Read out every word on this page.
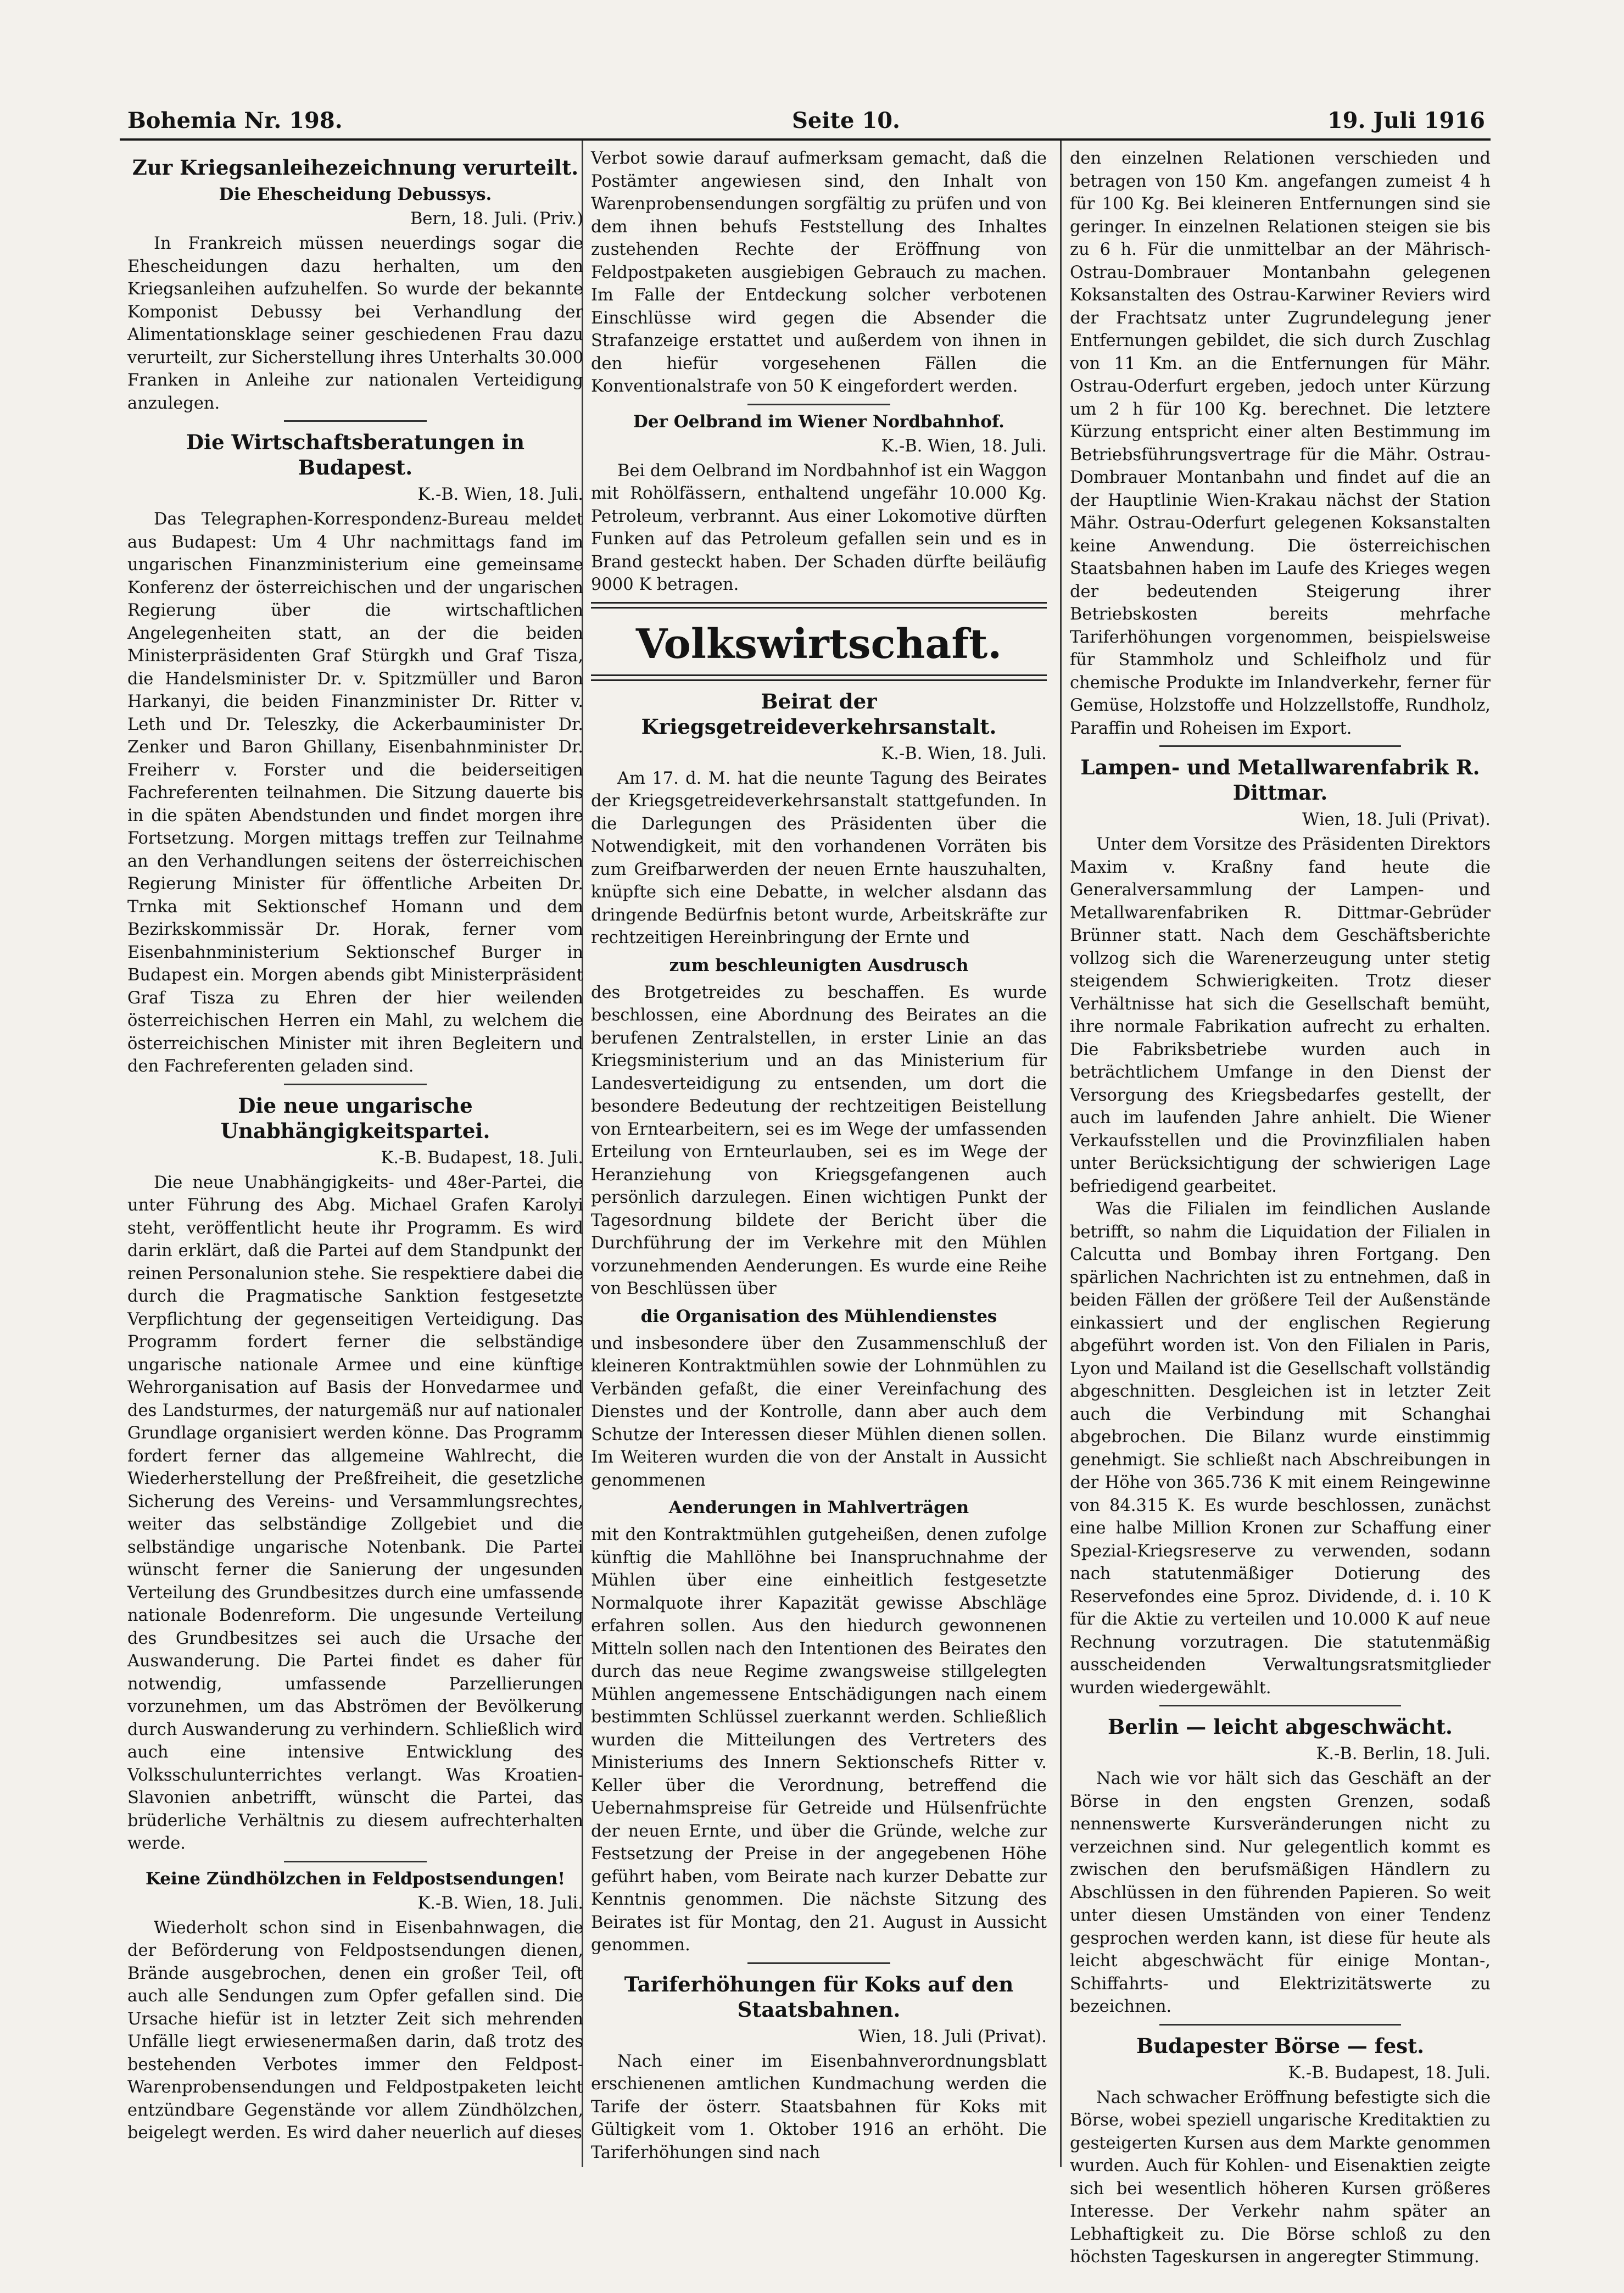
Bohemia Nr. 198.	Seite 10.	19. Juli 1916
Zur Kriegsanleihezeichnung verurteilt.
Die Ehescheidung Debussys.
Bern, 18. Juli. (Priv.)

In Frankreich müssen neuerdings sogar die Ehescheidungen dazu herhalten, um den Kriegsanleihen aufzuhelfen. So wurde der bekannte Komponist Debussy bei Verhandlung der Alimentationsklage seiner geschiedenen Frau dazu verurteilt, zur Sicherstellung ihres Unterhalts 30.000 Franken in Anleihe zur nationalen Verteidigung anzulegen.

Die Wirtschaftsberatungen in Budapest.
K.-B. Wien, 18. Juli.

Das Telegraphen-Korrespondenz-Bureau meldet aus Budapest: Um 4 Uhr nachmittags fand im ungarischen Finanzministerium eine gemeinsame Konferenz der österreichischen und der ungarischen Regierung über die wirtschaftlichen Angelegenheiten statt, an der die beiden Ministerpräsidenten Graf Stürgkh und Graf Tisza, die Handelsminister Dr. v. Spitzmüller und Baron Harkanyi, die beiden Finanzminister Dr. Ritter v. Leth und Dr. Teleszky, die Ackerbauminister Dr. Zenker und Baron Ghillany, Eisenbahnminister Dr. Freiherr v. Forster und die beiderseitigen Fachreferenten teilnahmen. Die Sitzung dauerte bis in die späten Abendstunden und findet morgen ihre Fortsetzung. Morgen mittags treffen zur Teilnahme an den Verhandlungen seitens der österreichischen Regierung Minister für öffentliche Arbeiten Dr. Trnka mit Sektionschef Homann und dem Bezirkskommissär Dr. Horak, ferner vom Eisenbahnministerium Sektionschef Burger in Budapest ein. Morgen abends gibt Ministerpräsident Graf Tisza zu Ehren der hier weilenden österreichischen Herren ein Mahl, zu welchem die österreichischen Minister mit ihren Begleitern und den Fachreferenten geladen sind.

Die neue ungarische Unabhängigkeitspartei.
K.-B. Budapest, 18. Juli.

Die neue Unabhängigkeits- und 48er-Partei, die unter Führung des Abg. Michael Grafen Karolyi steht, veröffentlicht heute ihr Programm. Es wird darin erklärt, daß die Partei auf dem Standpunkt der reinen Personalunion stehe. Sie respektiere dabei die durch die Pragmatische Sanktion festgesetzte Verpflichtung der gegenseitigen Verteidigung. Das Programm fordert ferner die selbständige ungarische nationale Armee und eine künftige Wehrorganisation auf Basis der Honvedarmee und des Landsturmes, der naturgemäß nur auf nationaler Grundlage organisiert werden könne. Das Programm fordert ferner das allgemeine Wahlrecht, die Wiederherstellung der Preßfreiheit, die gesetzliche Sicherung des Vereins- und Versammlungsrechtes, weiter das selbständige Zollgebiet und die selbständige ungarische Notenbank. Die Partei wünscht ferner die Sanierung der ungesunden Verteilung des Grundbesitzes durch eine umfassende nationale Bodenreform. Die ungesunde Verteilung des Grundbesitzes sei auch die Ursache der Auswanderung. Die Partei findet es daher für notwendig, umfassende Parzellierungen vorzunehmen, um das Abströmen der Bevölkerung durch Auswanderung zu verhindern. Schließlich wird auch eine intensive Entwicklung des Volksschulunterrichtes verlangt. Was Kroatien-Slavonien anbetrifft, wünscht die Partei, das brüderliche Verhältnis zu diesem aufrechterhalten werde.

Keine Zündhölzchen in Feldpostsendungen!
K.-B. Wien, 18. Juli.

Wiederholt schon sind in Eisenbahnwagen, die der Beförderung von Feldpostsendungen dienen, Brände ausgebrochen, denen ein großer Teil, oft auch alle Sendungen zum Opfer gefallen sind. Die Ursache hiefür ist in letzter Zeit sich mehrenden Unfälle liegt erwiesenermaßen darin, daß trotz des bestehenden Verbotes immer den Feldpost-Warenprobensendungen und Feldpostpaketen leicht entzündbare Gegenstände vor allem Zündhölzchen, beigelegt werden. Es wird daher neuerlich auf dieses

Verbot sowie darauf aufmerksam gemacht, daß die Postämter angewiesen sind, den Inhalt von Warenprobensendungen sorgfältig zu prüfen und von dem ihnen behufs Feststellung des Inhaltes zustehenden Rechte der Eröffnung von Feldpostpaketen ausgiebigen Gebrauch zu machen. Im Falle der Entdeckung solcher verbotenen Einschlüsse wird gegen die Absender die Strafanzeige erstattet und außerdem von ihnen in den hiefür vorgesehenen Fällen die Konventionalstrafe von 50 K eingefordert werden.

Der Oelbrand im Wiener Nordbahnhof.
K.-B. Wien, 18. Juli.

Bei dem Oelbrand im Nordbahnhof ist ein Waggon mit Rohölfässern, enthaltend ungefähr 10.000 Kg. Petroleum, verbrannt. Aus einer Lokomotive dürften Funken auf das Petroleum gefallen sein und es in Brand gesteckt haben. Der Schaden dürfte beiläufig 9000 K betragen.

Volkswirtschaft.
Beirat der Kriegsgetreideverkehrsanstalt.
K.-B. Wien, 18. Juli.

Am 17. d. M. hat die neunte Tagung des Beirates der Kriegsgetreideverkehrsanstalt stattgefunden. In die Darlegungen des Präsidenten über die Notwendigkeit, mit den vorhandenen Vorräten bis zum Greifbarwerden der neuen Ernte hauszuhalten, knüpfte sich eine Debatte, in welcher alsdann das dringende Bedürfnis betont wurde, Arbeitskräfte zur rechtzeitigen Hereinbringung der Ernte und

zum beschleunigten Ausdrusch

des Brotgetreides zu beschaffen. Es wurde beschlossen, eine Abordnung des Beirates an die berufenen Zentralstellen, in erster Linie an das Kriegsministerium und an das Ministerium für Landesverteidigung zu entsenden, um dort die besondere Bedeutung der rechtzeitigen Beistellung von Erntearbeitern, sei es im Wege der umfassenden Erteilung von Ernteurlauben, sei es im Wege der Heranziehung von Kriegsgefangenen auch persönlich darzulegen. Einen wichtigen Punkt der Tagesordnung bildete der Bericht über die Durchführung der im Verkehre mit den Mühlen vorzunehmenden Aenderungen. Es wurde eine Reihe von Beschlüssen über

die Organisation des Mühlendienstes

und insbesondere über den Zusammenschluß der kleineren Kontraktmühlen sowie der Lohnmühlen zu Verbänden gefaßt, die einer Vereinfachung des Dienstes und der Kontrolle, dann aber auch dem Schutze der Interessen dieser Mühlen dienen sollen. Im Weiteren wurden die von der Anstalt in Aussicht genommenen

Aenderungen in Mahlverträgen

mit den Kontraktmühlen gutgeheißen, denen zufolge künftig die Mahllöhne bei Inanspruchnahme der Mühlen über eine einheitlich festgesetzte Normalquote ihrer Kapazität gewisse Abschläge erfahren sollen. Aus den hiedurch gewonnenen Mitteln sollen nach den Intentionen des Beirates den durch das neue Regime zwangsweise stillgelegten Mühlen angemessene Entschädigungen nach einem bestimmten Schlüssel zuerkannt werden. Schließlich wurden die Mitteilungen des Vertreters des Ministeriums des Innern Sektionschefs Ritter v. Keller über die Verordnung, betreffend die Uebernahmspreise für Getreide und Hülsenfrüchte der neuen Ernte, und über die Gründe, welche zur Festsetzung der Preise in der angegebenen Höhe geführt haben, vom Beirate nach kurzer Debatte zur Kenntnis genommen. Die nächste Sitzung des Beirates ist für Montag, den 21. August in Aussicht genommen.

Tariferhöhungen für Koks auf den Staatsbahnen.
Wien, 18. Juli (Privat).

Nach einer im Eisenbahnverordnungsblatt erschienenen amtlichen Kundmachung werden die Tarife der österr. Staatsbahnen für Koks mit Gültigkeit vom 1. Oktober 1916 an erhöht. Die Tariferhöhungen sind nach

den einzelnen Relationen verschieden und betragen von 150 Km. angefangen zumeist 4 h für 100 Kg. Bei kleineren Entfernungen sind sie geringer. In einzelnen Relationen steigen sie bis zu 6 h. Für die unmittelbar an der Mährisch-Ostrau-Dombrauer Montanbahn gelegenen Koksanstalten des Ostrau-Karwiner Reviers wird der Frachtsatz unter Zugrundelegung jener Entfernungen gebildet, die sich durch Zuschlag von 11 Km. an die Entfernungen für Mähr. Ostrau-Oderfurt ergeben, jedoch unter Kürzung um 2 h für 100 Kg. berechnet. Die letztere Kürzung entspricht einer alten Bestimmung im Betriebsführungsvertrage für die Mähr. Ostrau-Dombrauer Montanbahn und findet auf die an der Hauptlinie Wien-Krakau nächst der Station Mähr. Ostrau-Oderfurt gelegenen Koksanstalten keine Anwendung. Die österreichischen Staatsbahnen haben im Laufe des Krieges wegen der bedeutenden Steigerung ihrer Betriebskosten bereits mehrfache Tariferhöhungen vorgenommen, beispielsweise für Stammholz und Schleifholz und für chemische Produkte im Inlandverkehr, ferner für Gemüse, Holzstoffe und Holzzellstoffe, Rundholz, Paraffin und Roheisen im Export.

Lampen- und Metallwarenfabrik R. Dittmar.
Wien, 18. Juli (Privat).

Unter dem Vorsitze des Präsidenten Direktors Maxim v. Kraßny fand heute die Generalversammlung der Lampen- und Metallwarenfabriken R. Dittmar-Gebrüder Brünner statt. Nach dem Geschäftsberichte vollzog sich die Warenerzeugung unter stetig steigendem Schwierigkeiten. Trotz dieser Verhältnisse hat sich die Gesellschaft bemüht, ihre normale Fabrikation aufrecht zu erhalten. Die Fabriksbetriebe wurden auch in beträchtlichem Umfange in den Dienst der Versorgung des Kriegsbedarfes gestellt, der auch im laufenden Jahre anhielt. Die Wiener Verkaufsstellen und die Provinzfilialen haben unter Berücksichtigung der schwierigen Lage befriedigend gearbeitet.

Was die Filialen im feindlichen Auslande betrifft, so nahm die Liquidation der Filialen in Calcutta und Bombay ihren Fortgang. Den spärlichen Nachrichten ist zu entnehmen, daß in beiden Fällen der größere Teil der Außenstände einkassiert und der englischen Regierung abgeführt worden ist. Von den Filialen in Paris, Lyon und Mailand ist die Gesellschaft vollständig abgeschnitten. Desgleichen ist in letzter Zeit auch die Verbindung mit Schanghai abgebrochen. Die Bilanz wurde einstimmig genehmigt. Sie schließt nach Abschreibungen in der Höhe von 365.736 K mit einem Reingewinne von 84.315 K. Es wurde beschlossen, zunächst eine halbe Million Kronen zur Schaffung einer Spezial-Kriegsreserve zu verwenden, sodann nach statutenmäßiger Dotierung des Reservefondes eine 5proz. Dividende, d. i. 10 K für die Aktie zu verteilen und 10.000 K auf neue Rechnung vorzutragen. Die statutenmäßig ausscheidenden Verwaltungsratsmitglieder wurden wiedergewählt.

Berlin — leicht abgeschwächt.
K.-B. Berlin, 18. Juli.

Nach wie vor hält sich das Geschäft an der Börse in den engsten Grenzen, sodaß nennenswerte Kursveränderungen nicht zu verzeichnen sind. Nur gelegentlich kommt es zwischen den berufsmäßigen Händlern zu Abschlüssen in den führenden Papieren. So weit unter diesen Umständen von einer Tendenz gesprochen werden kann, ist diese für heute als leicht abgeschwächt für einige Montan-, Schiffahrts- und Elektrizitätswerte zu bezeichnen.

Budapester Börse — fest.
K.-B. Budapest, 18. Juli.

Nach schwacher Eröffnung befestigte sich die Börse, wobei speziell ungarische Kreditaktien zu gesteigerten Kursen aus dem Markte genommen wurden. Auch für Kohlen- und Eisenaktien zeigte sich bei wesentlich höheren Kursen größeres Interesse. Der Verkehr nahm später an Lebhaftigkeit zu. Die Börse schloß zu den höchsten Tageskursen in angeregter Stimmung.
